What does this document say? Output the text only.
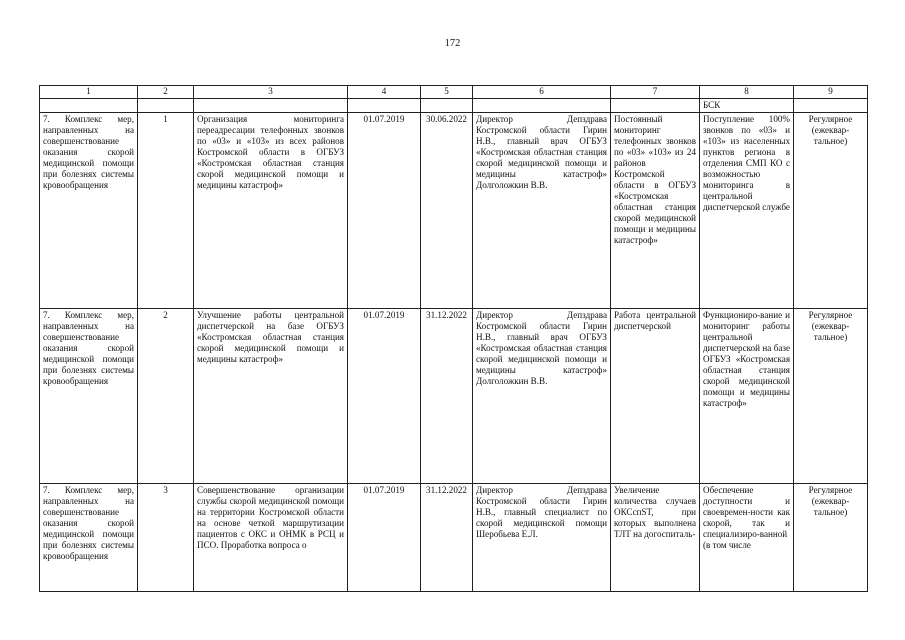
172
1	2	3	4	5	6	7	8	9
							БСК	
7. Комплекс мер, направленных на совершенствование оказания скорой медицинской помощи при болезнях системы кровообращения	1	Организация мониторинга переадресации телефонных звонков по «03» и «103» из всех районов Костромской области в ОГБУЗ «Костромская областная станция скорой медицинской помощи и медицины катастроф»	01.07.2019	30.06.2022	Директор Депздрава Костромской области Гирин Н.В., главный врач ОГБУЗ «Костромская областная станция скорой медицинской помощи и медицины катастроф» Долголожкин В.В.	Постоянный мониторинг телефонных звонков по «03» «103» из 24 районов Костромской области в ОГБУЗ «Костромская областная станция скорой медицинской помощи и медицины катастроф»	Поступление 100% звонков по «03» и «103» из населенных пунктов региона в отделения СМП КО с возможностью мониторинга в центральной диспетчерской службе	Регулярное (ежеквар-тальное)
7. Комплекс мер, направленных на совершенствование оказания скорой медицинской помощи при болезнях системы кровообращения	2	Улучшение работы центральной диспетчерской на базе ОГБУЗ «Костромская областная станция скорой медицинской помощи и медицины катастроф»	01.07.2019	31.12.2022	Директор Депздрава Костромской области Гирин Н.В., главный врач ОГБУЗ «Костромская областная станция скорой медицинской помощи и медицины катастроф» Долголожкин В.В.	Работа центральной диспетчерской	Функциониро-вание и мониторинг работы центральной диспетчерской на базе ОГБУЗ «Костромская областная станция скорой медицинской помощи и медицины катастроф»	Регулярное (ежеквар-тальное)
7. Комплекс мер, направленных на совершенствование оказания скорой медицинской помощи при болезнях системы кровообращения	3	Совершенствование организации службы скорой медицинской помощи на территории Костромской области на основе четкой маршрутизации пациентов с ОКС и ОНМК в РСЦ и ПСО. Проработка вопроса о	01.07.2019	31.12.2022	Директор Депздрава Костромской области Гирин Н.В., главный специалист по скорой медицинской помощи Шеробьева Е.Л.	Увеличение количества случаев ОКСспST, при которых выполнена ТЛТ на догоспиталь-	Обеспечение доступности и своевремен-ности как скорой, так и специализиро-ванной (в том числе	Регулярное (ежеквар-тальное)
